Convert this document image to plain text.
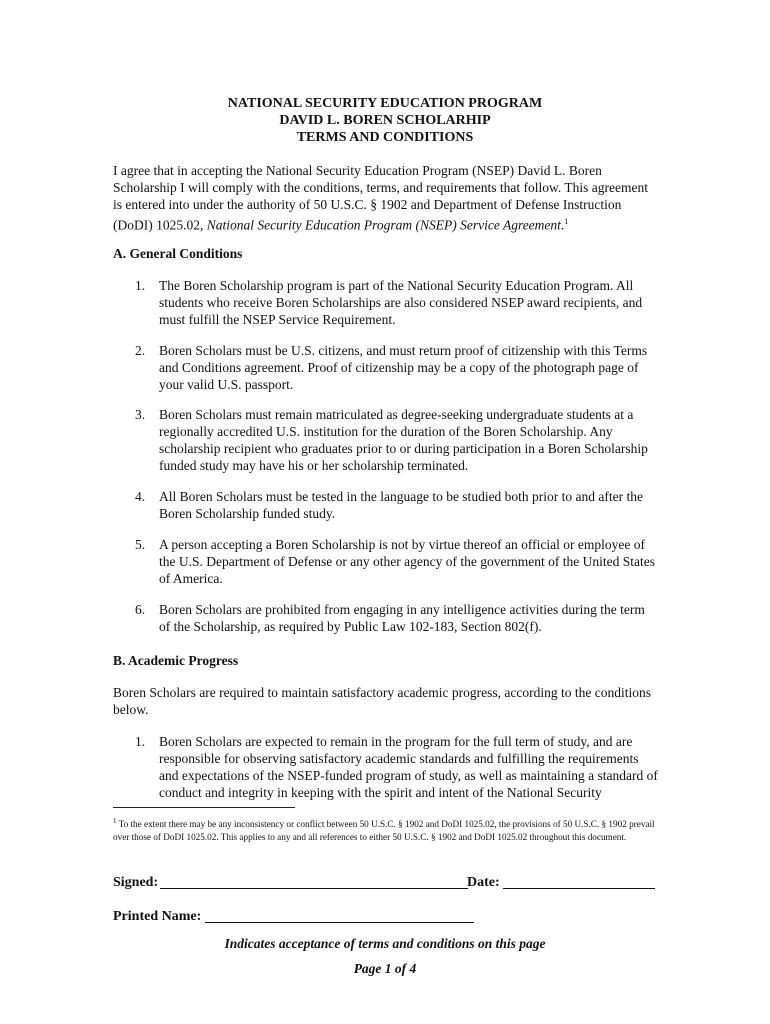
NATIONAL SECURITY EDUCATION PROGRAM
DAVID L. BOREN SCHOLARHIP
TERMS AND CONDITIONS
I agree that in accepting the National Security Education Program (NSEP) David L. Boren Scholarship I will comply with the conditions, terms, and requirements that follow. This agreement is entered into under the authority of 50 U.S.C. § 1902 and Department of Defense Instruction (DoDI) 1025.02, National Security Education Program (NSEP) Service Agreement.$^1$
A. General Conditions
1. The Boren Scholarship program is part of the National Security Education Program. All students who receive Boren Scholarships are also considered NSEP award recipients, and must fulfill the NSEP Service Requirement.
2. Boren Scholars must be U.S. citizens, and must return proof of citizenship with this Terms and Conditions agreement. Proof of citizenship may be a copy of the photograph page of your valid U.S. passport.
3. Boren Scholars must remain matriculated as degree-seeking undergraduate students at a regionally accredited U.S. institution for the duration of the Boren Scholarship. Any scholarship recipient who graduates prior to or during participation in a Boren Scholarship funded study may have his or her scholarship terminated.
4. All Boren Scholars must be tested in the language to be studied both prior to and after the Boren Scholarship funded study.
5. A person accepting a Boren Scholarship is not by virtue thereof an official or employee of the U.S. Department of Defense or any other agency of the government of the United States of America.
6. Boren Scholars are prohibited from engaging in any intelligence activities during the term of the Scholarship, as required by Public Law 102-183, Section 802(f).
B. Academic Progress
Boren Scholars are required to maintain satisfactory academic progress, according to the conditions below.
1. Boren Scholars are expected to remain in the program for the full term of study, and are responsible for observing satisfactory academic standards and fulfilling the requirements and expectations of the NSEP-funded program of study, as well as maintaining a standard of conduct and integrity in keeping with the spirit and intent of the National Security
$^1$ To the extent there may be any inconsistency or conflict between 50 U.S.C. § 1902 and DoDI 1025.02, the provisions of 50 U.S.C. § 1902 prevail over those of DoDI 1025.02. This applies to any and all references to either 50 U.S.C. § 1902 and DoDI 1025.02 throughout this document.
Signed:	Date:
Printed Name:
Indicates acceptance of terms and conditions on this page
Page 1 of 4
